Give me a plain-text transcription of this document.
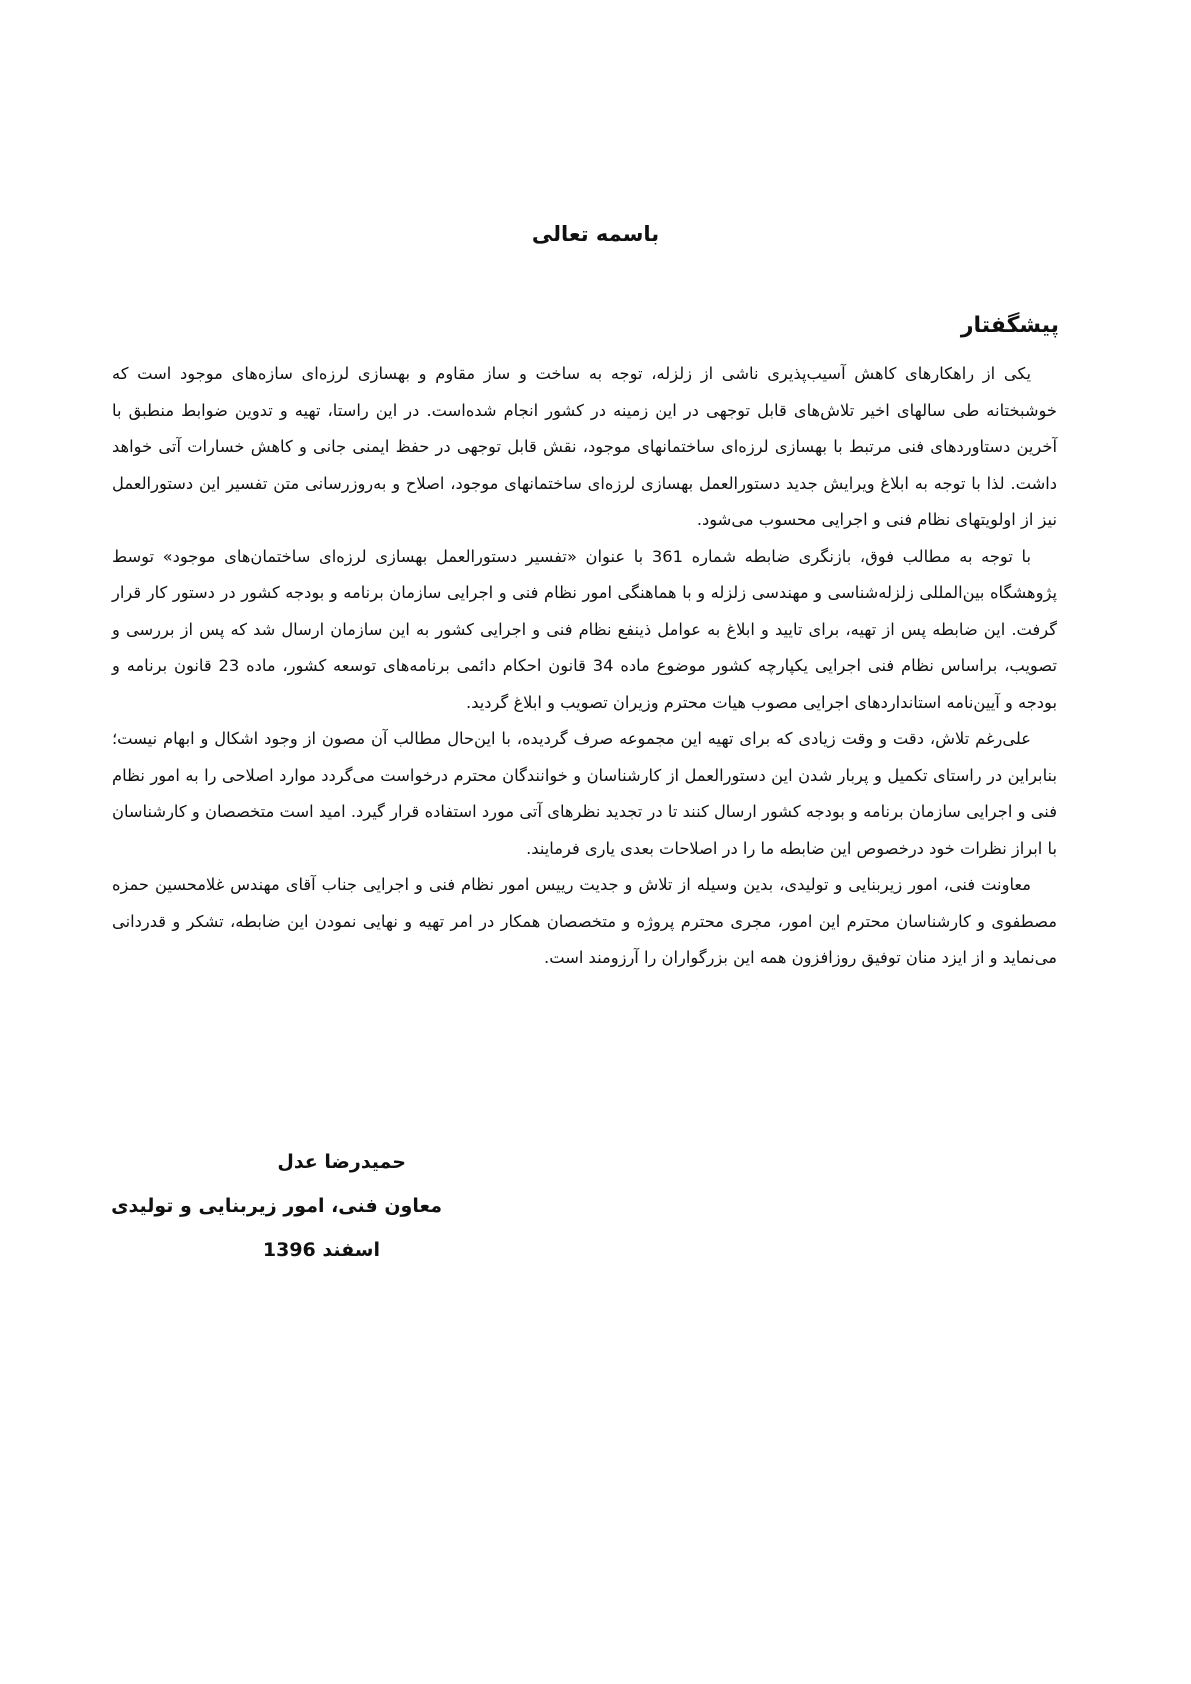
باسمه تعالی
پیشگفتار

یکی از راهکارهای کاهش آسیب‌پذیری ناشی از زلزله، توجه به ساخت و ساز مقاوم و بهسازی لرزه‌ای سازه‌های موجود است که خوشبختانه طی سالهای اخیر تلاش‌های قابل توجهی در این زمینه در کشور انجام شده‌است. در این راستا، تهیه و تدوین ضوابط منطبق با آخرین دستاوردهای فنی مرتبط با بهسازی لرزه‌ای ساختمانهای موجود، نقش قابل توجهی در حفظ ایمنی جانی و کاهش خسارات آتی خواهد داشت. لذا با توجه به ابلاغ ویرایش جدید دستورالعمل بهسازی لرزه‌ای ساختمانهای موجود، اصلاح و به‌روزرسانی متن تفسیر این دستورالعمل نیز از اولویتهای نظام فنی و اجرایی محسوب می‌شود.

با توجه به مطالب فوق، بازنگری ضابطه شماره 361 با عنوان «تفسیر دستورالعمل بهسازی لرزه‌ای ساختمان‌های موجود» توسط پژوهشگاه بین‌المللی زلزله‌شناسی و مهندسی زلزله و با هماهنگی امور نظام فنی و اجرایی سازمان برنامه و بودجه کشور در دستور کار قرار گرفت. این ضابطه پس از تهیه، برای تایید و ابلاغ به عوامل ذینفع نظام فنی و اجرایی کشور به این سازمان ارسال شد که پس از بررسی و تصویب، براساس نظام فنی اجرایی یکپارچه کشور موضوع ماده 34 قانون احکام دائمی برنامه‌های توسعه کشور، ماده 23 قانون برنامه و بودجه و آیین‌نامه استانداردهای اجرایی مصوب هیات محترم وزیران تصویب و ابلاغ گردید.

علی‌رغم تلاش، دقت و وقت زیادی که برای تهیه این مجموعه صرف گردیده، با این‌حال مطالب آن مصون از وجود اشکال و ابهام نیست؛ بنابراین در راستای تکمیل و پربار شدن این دستورالعمل از کارشناسان و خوانندگان محترم درخواست می‌گردد موارد اصلاحی را به امور نظام فنی و اجرایی سازمان برنامه و بودجه کشور ارسال کنند تا در تجدید نظرهای آتی مورد استفاده قرار گیرد. امید است متخصصان و کارشناسان با ابراز نظرات خود درخصوص این ضابطه ما را در اصلاحات بعدی یاری فرمایند.

معاونت فنی، امور زیربنایی و تولیدی، بدین وسیله از تلاش و جدیت رییس امور نظام فنی و اجرایی جناب آقای مهندس غلامحسین حمزه مصطفوی و کارشناسان محترم این امور، مجری محترم پروژه و متخصصان همکار در امر تهیه و نهایی نمودن این ضابطه، تشکر و قدردانی می‌نماید و از ایزد منان توفیق روزافزون همه این بزرگواران را آرزومند است.

حمیدرضا عدل
معاون فنی، امور زیربنایی و تولیدی
اسفند 1396
